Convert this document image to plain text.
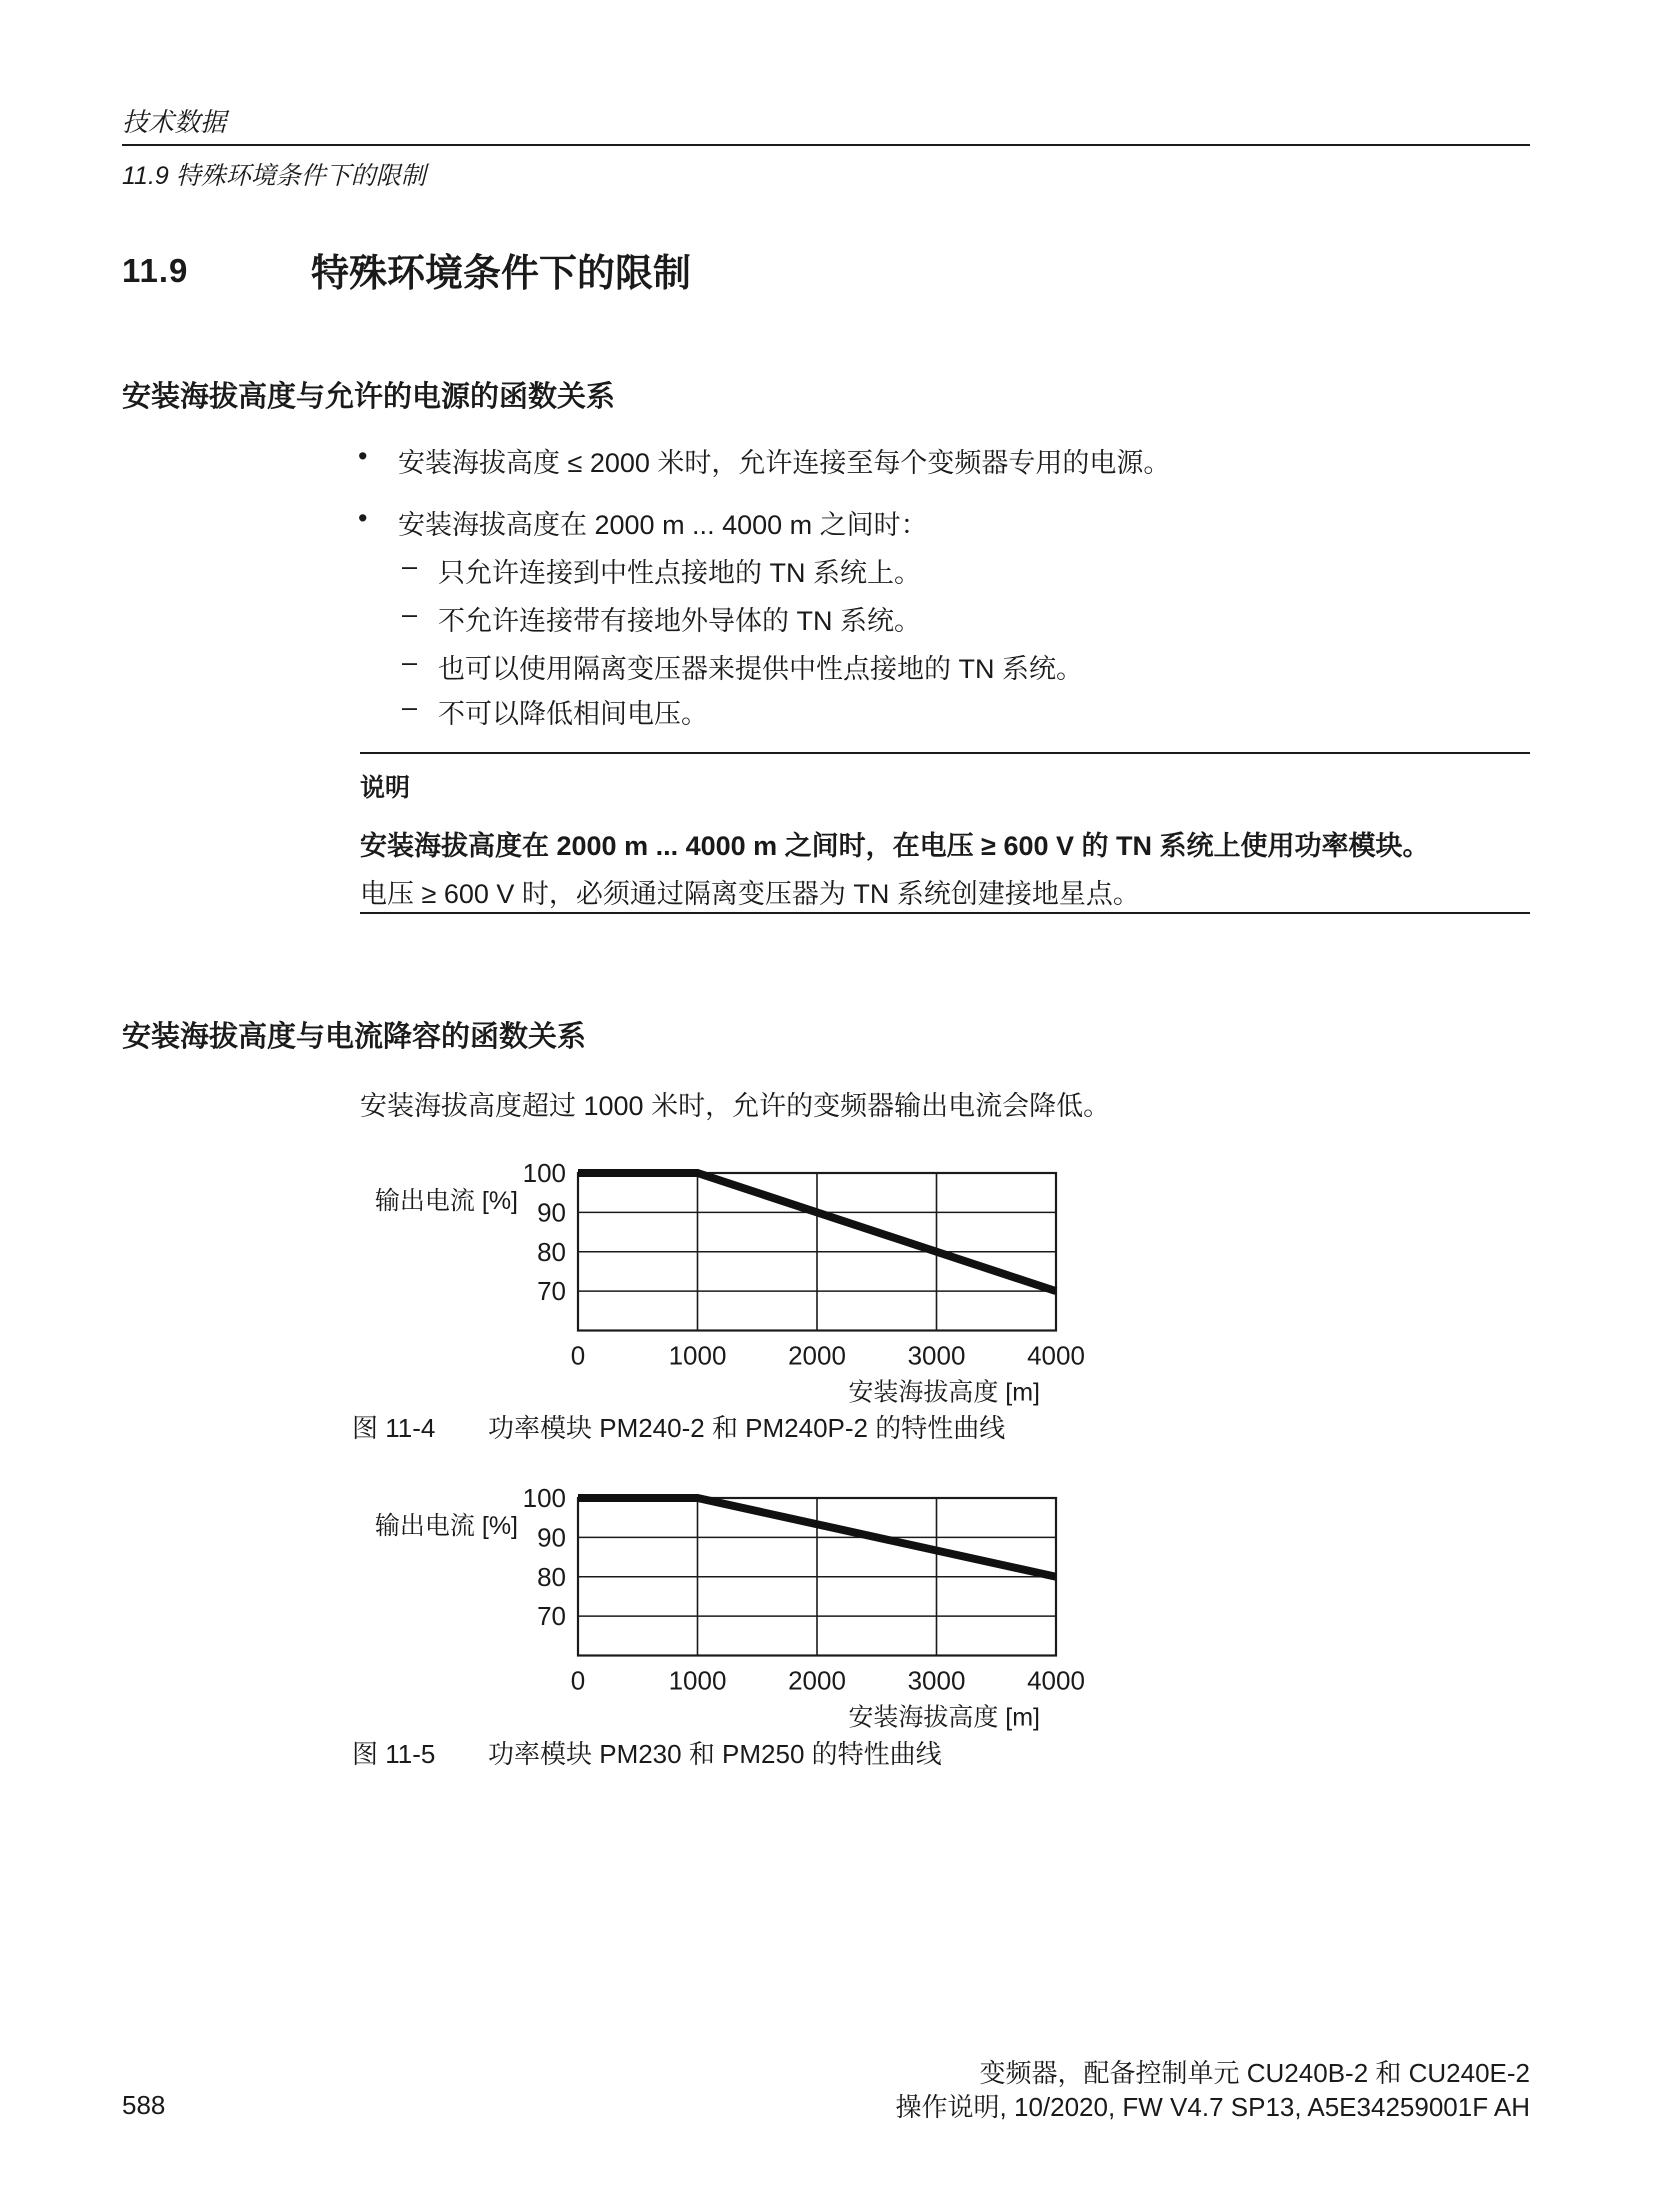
技术数据
11.9 特殊环境条件下的限制
11.9	特殊环境条件下的限制
安装海拔高度与允许的电源的函数关系
• 安装海拔高度 ≤ 2000 米时，允许连接至每个变频器专用的电源。
• 安装海拔高度在 2000 m ... 4000 m 之间时：
– 只允许连接到中性点接地的 TN 系统上。
– 不允许连接带有接地外导体的 TN 系统。
– 也可以使用隔离变压器来提供中性点接地的 TN 系统。
– 不可以降低相间电压。
说明
安装海拔高度在 2000 m ... 4000 m 之间时，在电压 ≥ 600 V 的 TN 系统上使用功率模块。
电压 ≥ 600 V 时，必须通过隔离变压器为 TN 系统创建接地星点。
安装海拔高度与电流降容的函数关系
安装海拔高度超过 1000 米时，允许的变频器输出电流会降低。
100
90
80
70
0	1000 2000 3000 4000
输出电流 [%]
安装海拔高度 [m]
图 11-4 功率模块 PM240-2 和 PM240P-2 的特性曲线
100
90
80
70
0	1000 2000 3000 4000
输出电流 [%]
安装海拔高度 [m]
图 11-5 功率模块 PM230 和 PM250 的特性曲线
变频器，配备控制单元 CU240B-2 和 CU240E-2
操作说明, 10/2020, FW V4.7 SP13, A5E34259001F AH
588
